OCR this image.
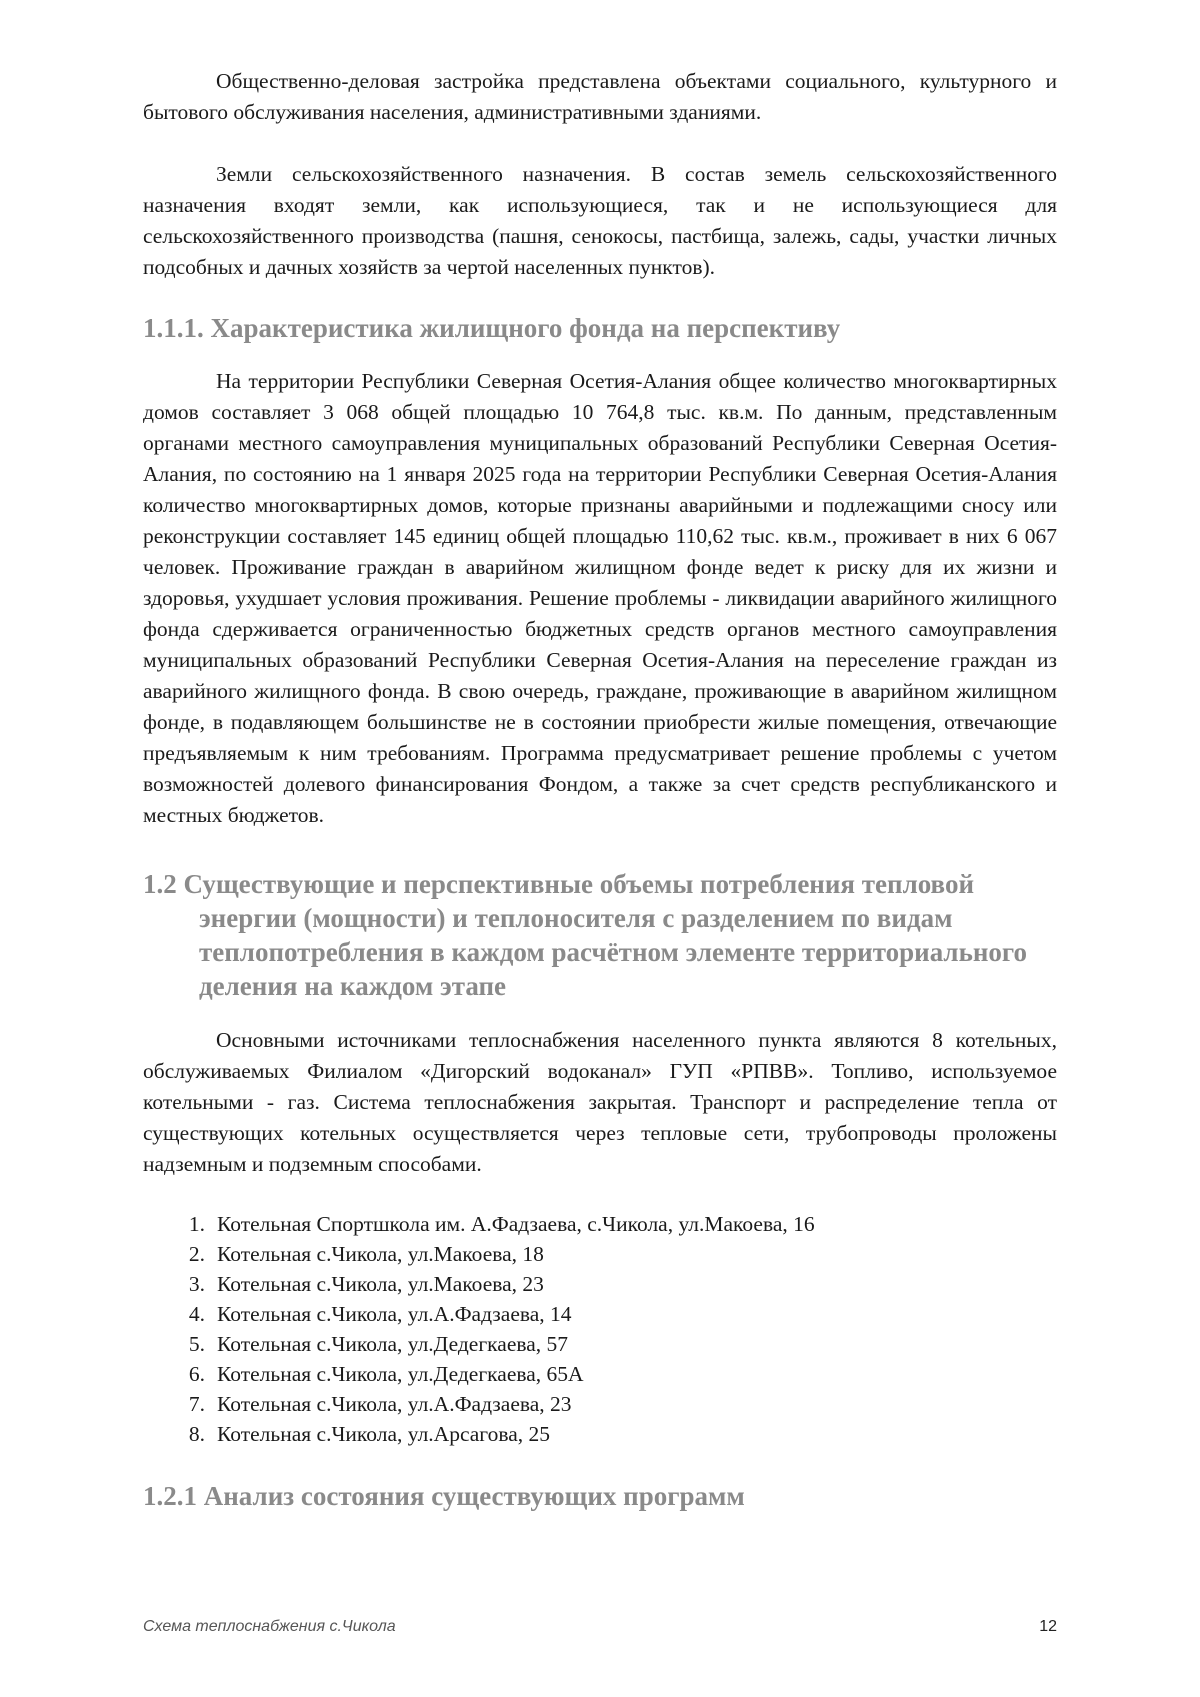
Общественно-деловая застройка представлена объектами социального, культурного и бытового обслуживания населения, административными зданиями.

Земли сельскохозяйственного назначения. В состав земель сельскохозяйственного назначения входят земли, как использующиеся, так и не использующиеся для сельскохозяйственного производства (пашня, сенокосы, пастбища, залежь, сады, участки личных подсобных и дачных хозяйств за чертой населенных пунктов).

1.1.1. Характеристика жилищного фонда на перспективу

На территории Республики Северная Осетия-Алания общее количество многоквартирных домов составляет 3 068 общей площадью 10 764,8 тыс. кв.м. По данным, представленным органами местного самоуправления муниципальных образований Республики Северная Осетия-Алания, по состоянию на 1 января 2025 года на территории Республики Северная Осетия-Алания количество многоквартирных домов, которые признаны аварийными и подлежащими сносу или реконструкции составляет 145 единиц общей площадью 110,62 тыс. кв.м., проживает в них 6 067 человек. Проживание граждан в аварийном жилищном фонде ведет к риску для их жизни и здоровья, ухудшает условия проживания. Решение проблемы - ликвидации аварийного жилищного фонда сдерживается ограниченностью бюджетных средств органов местного самоуправления муниципальных образований Республики Северная Осетия-Алания на переселение граждан из аварийного жилищного фонда. В свою очередь, граждане, проживающие в аварийном жилищном фонде, в подавляющем большинстве не в состоянии приобрести жилые помещения, отвечающие предъявляемым к ним требованиям. Программа предусматривает решение проблемы с учетом возможностей долевого финансирования Фондом, а также за счет средств республиканского и местных бюджетов.

1.2 Существующие и перспективные объемы потребления тепловой энергии (мощности) и теплоносителя с разделением по видам теплопотребления в каждом расчётном элементе территориального деления на каждом этапе

Основными источниками теплоснабжения населенного пункта являются 8 котельных, обслуживаемых Филиалом «Дигорский водоканал» ГУП «РПВВ». Топливо, используемое котельными - газ. Система теплоснабжения закрытая. Транспорт и распределение тепла от существующих котельных осуществляется через тепловые сети, трубопроводы проложены надземным и подземным способами.

1. Котельная Спортшкола им. А.Фадзаева, с.Чикола, ул.Макоева, 16
2. Котельная с.Чикола, ул.Макоева, 18
3. Котельная с.Чикола, ул.Макоева, 23
4. Котельная с.Чикола, ул.А.Фадзаева, 14
5. Котельная с.Чикола, ул.Дедегкаева, 57
6. Котельная с.Чикола, ул.Дедегкаева, 65А
7. Котельная с.Чикола, ул.А.Фадзаева, 23
8. Котельная с.Чикола, ул.Арсагова, 25
1.2.1 Анализ состояния существующих программ
Схема теплоснабжения с.Чикола	12
